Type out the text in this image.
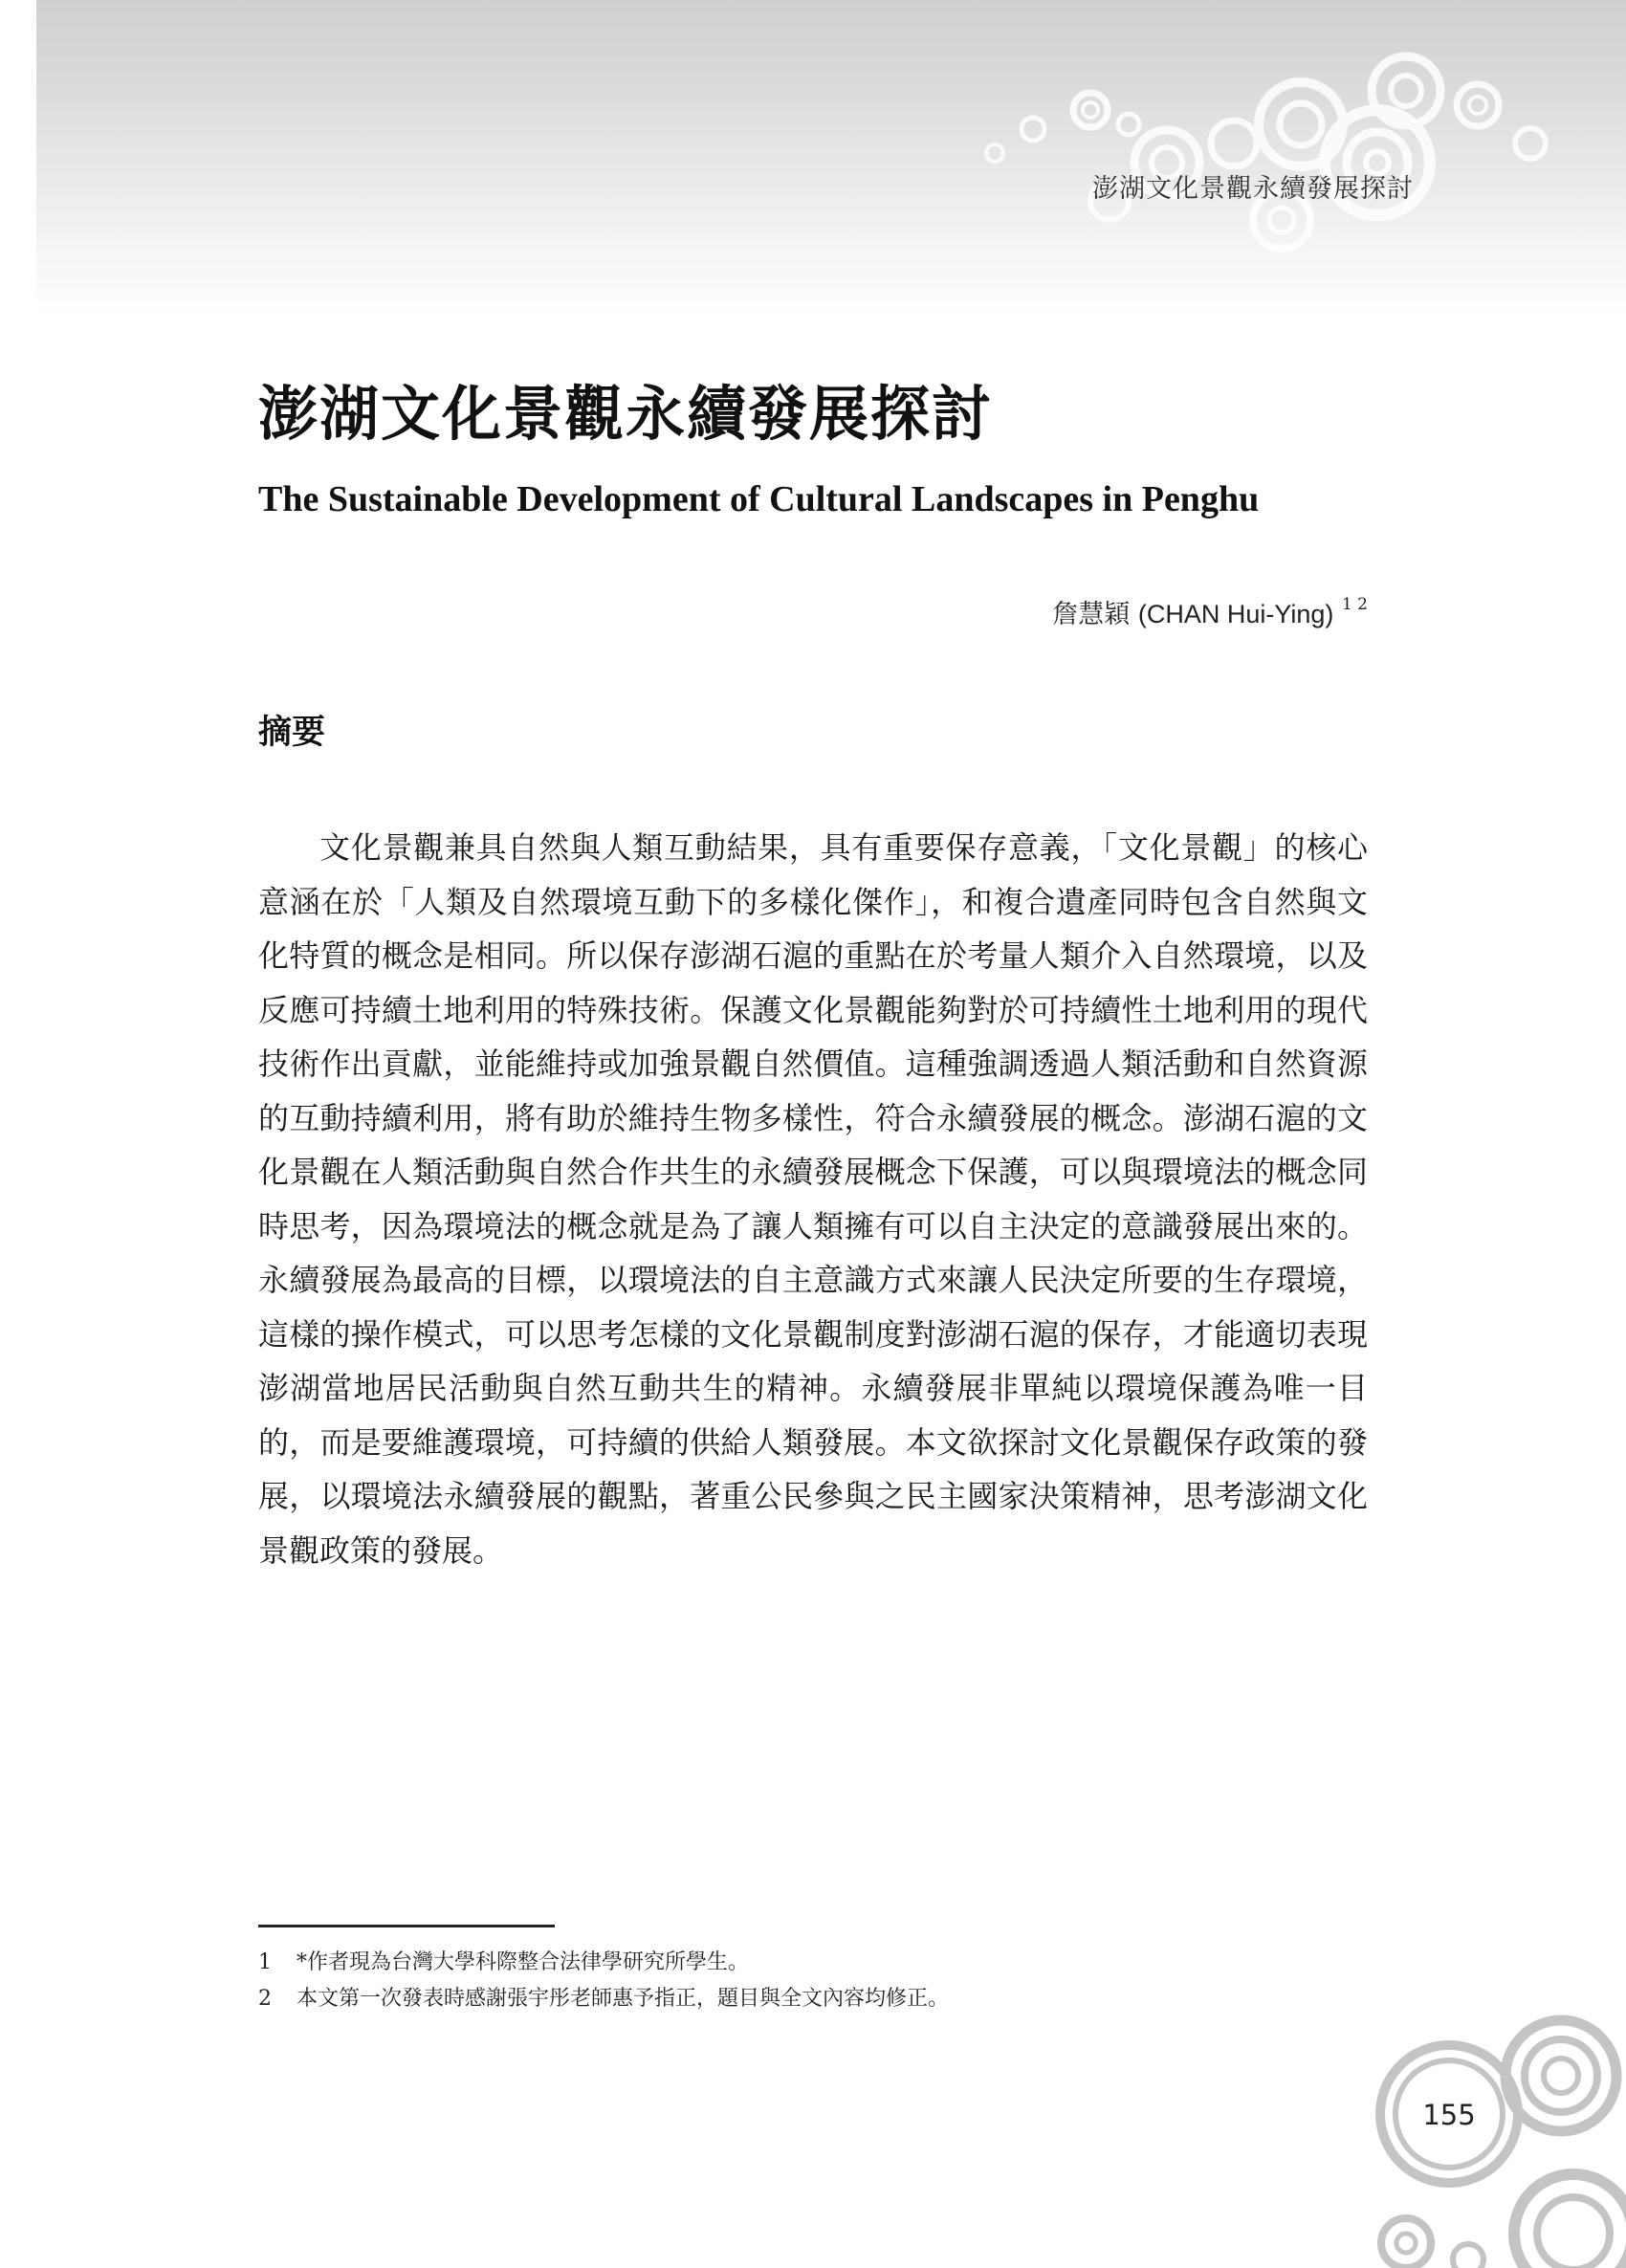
澎湖文化景觀永續發展探討
澎湖文化景觀永續發展探討
The Sustainable Development of Cultural Landscapes in Penghu
詹慧穎 (CHAN Hui-Ying) $^{1 2}$
摘要

文化景觀兼具自然與人類互動結果，具有重要保存意義，「文化景觀」的核心意涵在於「人類及自然環境互動下的多樣化傑作」，和複合遺產同時包含自然與文化特質的概念是相同。所以保存澎湖石滬的重點在於考量人類介入自然環境，以及反應可持續土地利用的特殊技術。保護文化景觀能夠對於可持續性土地利用的現代技術作出貢獻，並能維持或加強景觀自然價值。這種強調透過人類活動和自然資源的互動持續利用，將有助於維持生物多樣性，符合永續發展的概念。澎湖石滬的文化景觀在人類活動與自然合作共生的永續發展概念下保護，可以與環境法的概念同時思考，因為環境法的概念就是為了讓人類擁有可以自主決定的意識發展出來的。永續發展為最高的目標，以環境法的自主意識方式來讓人民決定所要的生存環境，這樣的操作模式，可以思考怎樣的文化景觀制度對澎湖石滬的保存，才能適切表現澎湖當地居民活動與自然互動共生的精神。永續發展非單純以環境保護為唯一目的，而是要維護環境，可持續的供給人類發展。本文欲探討文化景觀保存政策的發展，以環境法永續發展的觀點，著重公民參與之民主國家決策精神，思考澎湖文化景觀政策的發展。

1 *作者現為台灣大學科際整合法律學研究所學生。
2 本文第一次發表時感謝張宇彤老師惠予指正，題目與全文內容均修正。
155
